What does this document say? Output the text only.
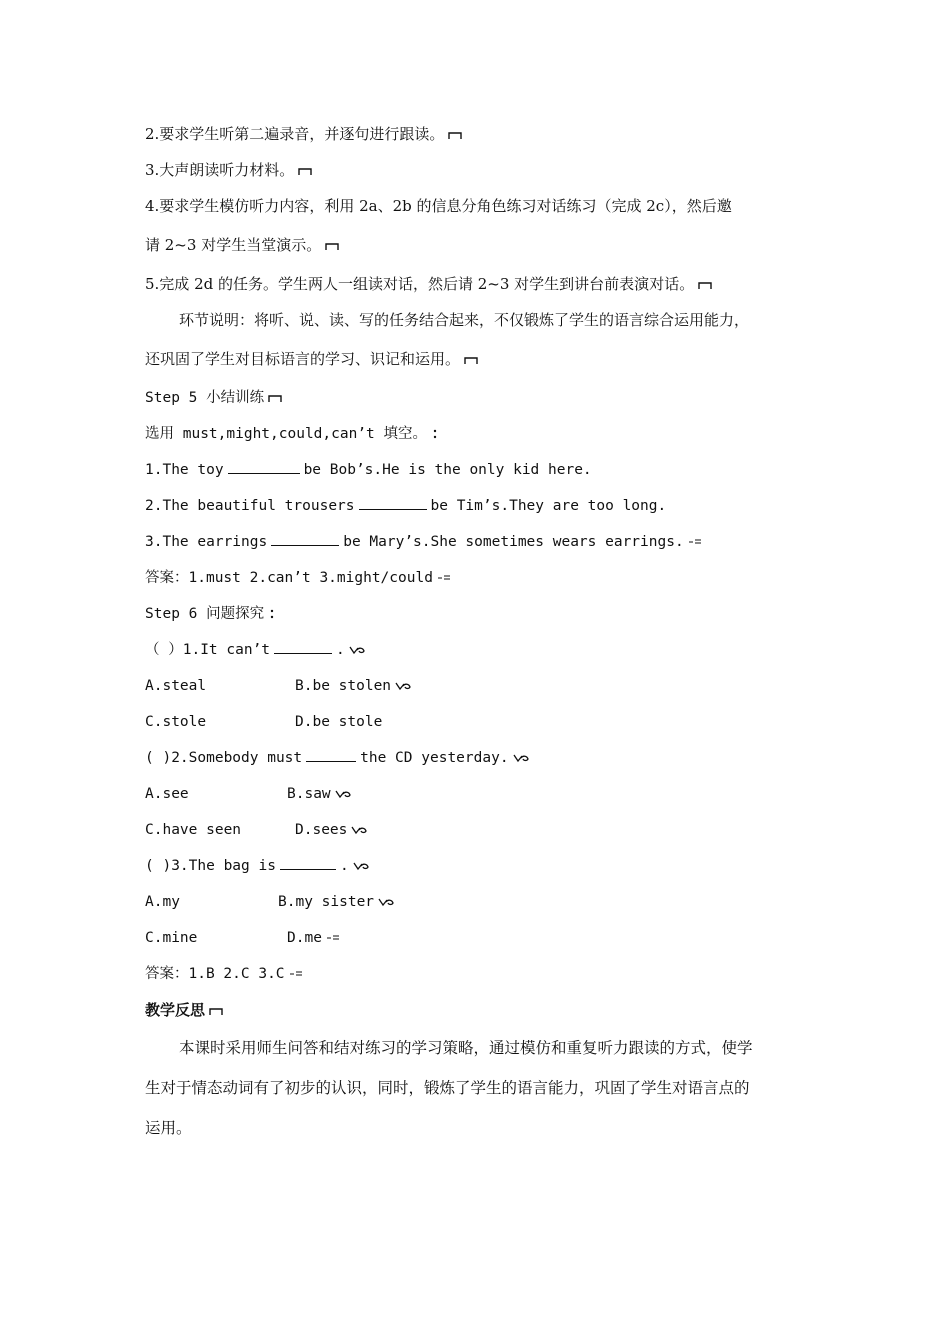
2.要求学生听第二遍录音，并逐句进行跟读。
3.大声朗读听力材料。
4.要求学生模仿听力内容，利用 2a、2b 的信息分角色练习对话练习（完成 2c），然后邀
请 2~3 对学生当堂演示。
5.完成 2d 的任务。学生两人一组读对话，然后请 2~3 对学生到讲台前表演对话。
环节说明：将听、说、读、写的任务结合起来，不仅锻炼了学生的语言综合运用能力，
还巩固了学生对目标语言的学习、识记和运用。
Step 5 小结训练
选用 must,might,could,can’t 填空。
1.The toy	be Bob’s.He is the only kid here.
2.The beautiful trousers	be Tim’s.They are too long.
3.The earrings	be Mary’s.She sometimes wears earrings.
答案：1.must 2.can’t 3.might/could
Step 6 问题探究
（ ）1.It can’t	.
A.steal	B.be stolen
C.stole	D.be stole
( )2.Somebody must	the CD yesterday.
A.see	B.saw
C.have seen	D.sees
( )3.The bag is	.
A.my	B.my sister
C.mine	D.me
答案：1.B 2.C 3.C
教学反思
本课时采用师生问答和结对练习的学习策略，通过模仿和重复听力跟读的方式，使学
生对于情态动词有了初步的认识，同时，锻炼了学生的语言能力，巩固了学生对语言点的
运用。
